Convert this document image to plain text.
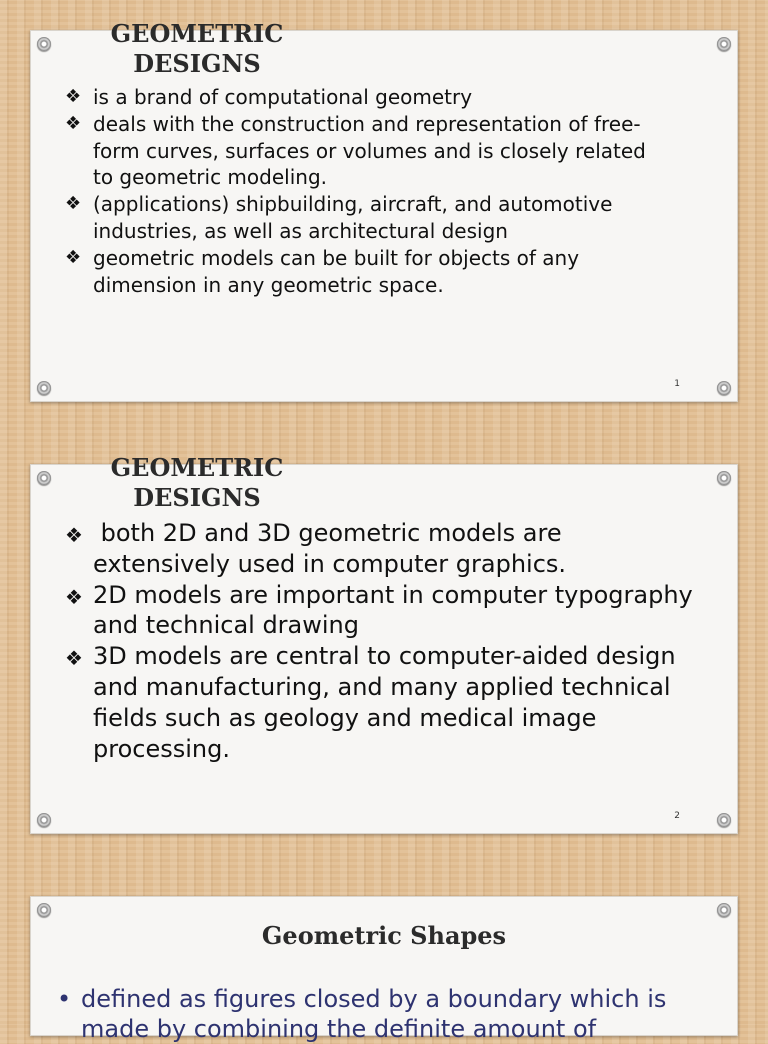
GEOMETRIC DESIGNS
❖ is a brand of computational geometry
❖ deals with the construction and representation of free-form curves, surfaces or volumes and is closely related to geometric modeling.
❖ (applications) shipbuilding, aircraft, and automotive industries, as well as architectural design
❖ geometric models can be built for objects of any dimension in any geometric space.
1
GEOMETRIC DESIGNS
❖ both 2D and 3D geometric models are extensively used in computer graphics.
❖ 2D models are important in computer typography and technical drawing
❖ 3D models are central to computer-aided design and manufacturing, and many applied technical fields such as geology and medical image processing.
2
Geometric Shapes
• defined as figures closed by a boundary which is made by combining the definite amount of
